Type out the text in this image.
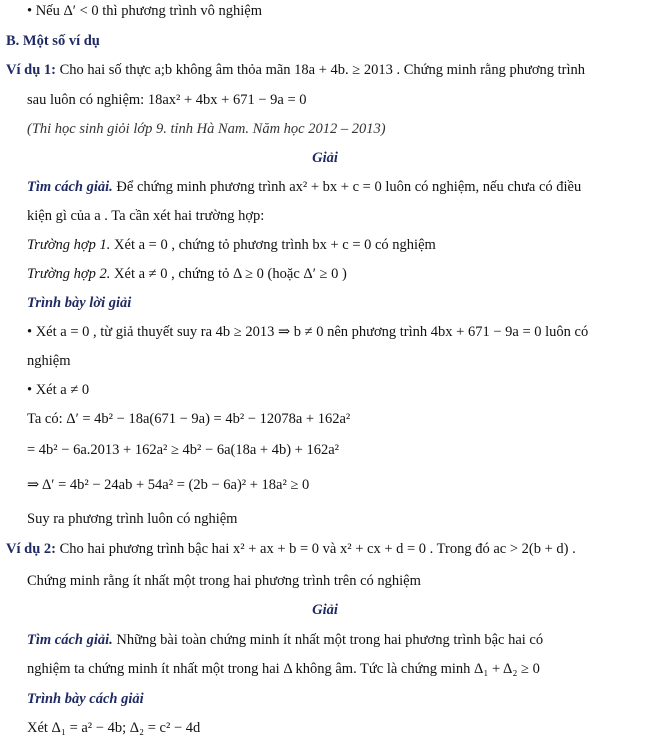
• Nếu Δ′ < 0 thì phương trình vô nghiệm
B. Một số ví dụ
Ví dụ 1: Cho hai số thực a;b không âm thỏa mãn 18a + 4b. ≥ 2013 . Chứng minh rằng phương trình
sau luôn có nghiệm: 18ax² + 4bx + 671 − 9a = 0
(Thi học sinh giỏi lớp 9. tỉnh Hà Nam. Năm học 2012 – 2013)
Giải
Tìm cách giải. Để chứng minh phương trình ax² + bx + c = 0 luôn có nghiệm, nếu chưa có điều
kiện gì của a . Ta cần xét hai trường hợp:
Trường hợp 1. Xét a = 0 , chứng tỏ phương trình bx + c = 0 có nghiệm
Trường hợp 2. Xét a ≠ 0 , chứng tỏ Δ ≥ 0 (hoặc Δ′ ≥ 0 )
Trình bày lời giải
• Xét a = 0 , từ giả thuyết suy ra 4b ≥ 2013 ⇒ b ≠ 0 nên phương trình 4bx + 671 − 9a = 0 luôn có
nghiệm
• Xét a ≠ 0
Ta có: Δ′ = 4b² − 18a(671 − 9a) = 4b² − 12078a + 162a²
= 4b² − 6a.2013 + 162a² ≥ 4b² − 6a(18a + 4b) + 162a²
⇒ Δ′ = 4b² − 24ab + 54a² = (2b − 6a)² + 18a² ≥ 0
Suy ra phương trình luôn có nghiệm
Ví dụ 2: Cho hai phương trình bậc hai x² + ax + b = 0 và x² + cx + d = 0 . Trong đó ac > 2(b + d) .
Chứng minh rằng ít nhất một trong hai phương trình trên có nghiệm
Giải
Tìm cách giải. Những bài toàn chứng minh ít nhất một trong hai phương trình bậc hai có
nghiệm ta chứng minh ít nhất một trong hai Δ không âm. Tức là chứng minh Δ₁ + Δ₂ ≥ 0
Trình bày cách giải
Xét Δ₁ = a² − 4b; Δ₂ = c² − 4d
